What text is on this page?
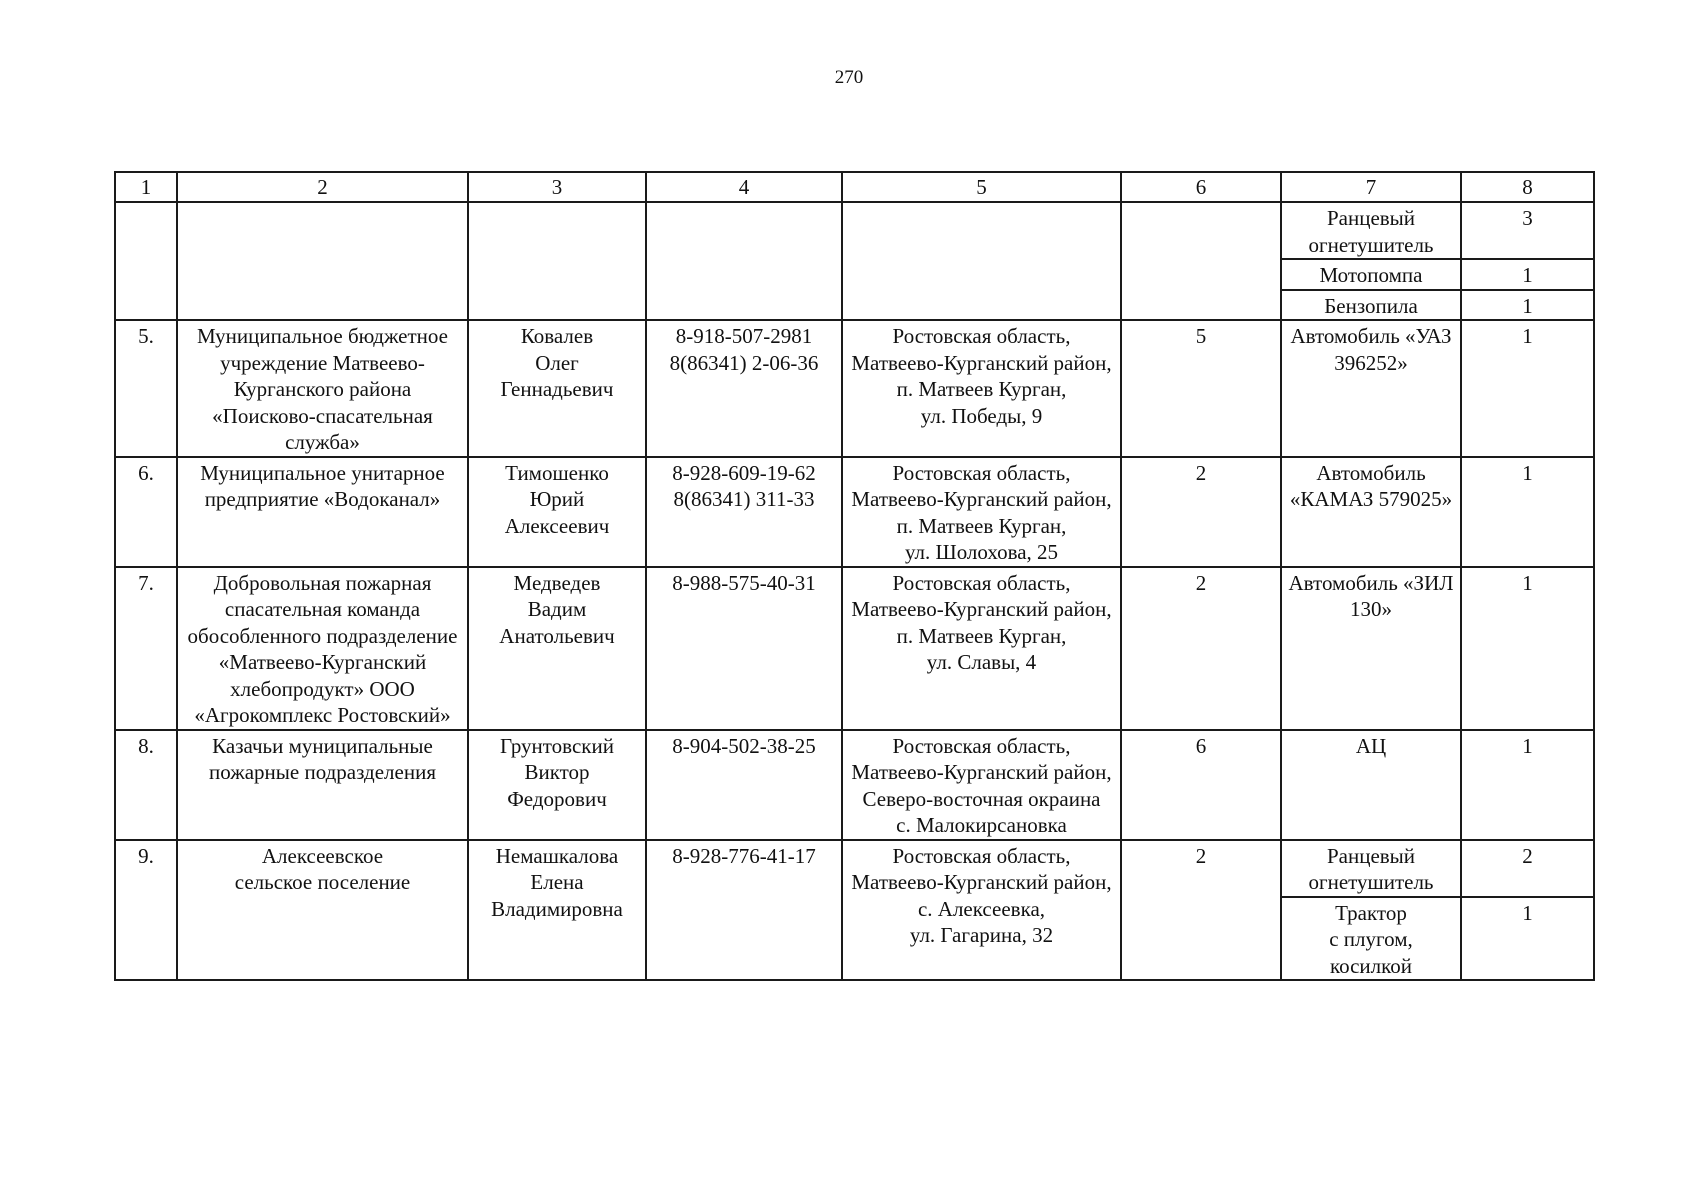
270
1	2	3	4	5	6	7	8
						Ранцевый огнетушитель	3
						Мотопомпа	1
						Бензопила	1
5.	Муниципальное бюджетное учреждение Матвеево-Курганского района «Поисково-спасательная служба»	Ковалев
Олег
Геннадьевич	8-918-507-2981
8(86341) 2-06-36	Ростовская область,
Матвеево-Курганский район,
п. Матвеев Курган,
ул. Победы, 9	5	Автомобиль «УАЗ 396252»	1
6.	Муниципальное унитарное предприятие «Водоканал»	Тимошенко
Юрий
Алексеевич	8-928-609-19-62
8(86341) 311-33	Ростовская область,
Матвеево-Курганский район,
п. Матвеев Курган,
ул. Шолохова, 25	2	Автомобиль «КАМАЗ 579025»	1
7.	Добровольная пожарная спасательная команда обособленного подразделение «Матвеево-Курганский хлебопродукт» ООО «Агрокомплекс Ростовский»	Медведев
Вадим
Анатольевич	8-988-575-40-31	Ростовская область,
Матвеево-Курганский район,
п. Матвеев Курган,
ул. Славы, 4	2	Автомобиль «ЗИЛ 130»	1
8.	Казачьи муниципальные пожарные подразделения	Грунтовский
Виктор
Федорович	8-904-502-38-25	Ростовская область,
Матвеево-Курганский район,
Северо-восточная окраина
с. Малокирсановка	6	АЦ	1
9.	Алексеевское
сельское поселение	Немашкалова
Елена
Владимировна	8-928-776-41-17	Ростовская область,
Матвеево-Курганский район,
с. Алексеевка,
ул. Гагарина, 32	2	Ранцевый огнетушитель	2
						Трактор
с плугом, косилкой	1
